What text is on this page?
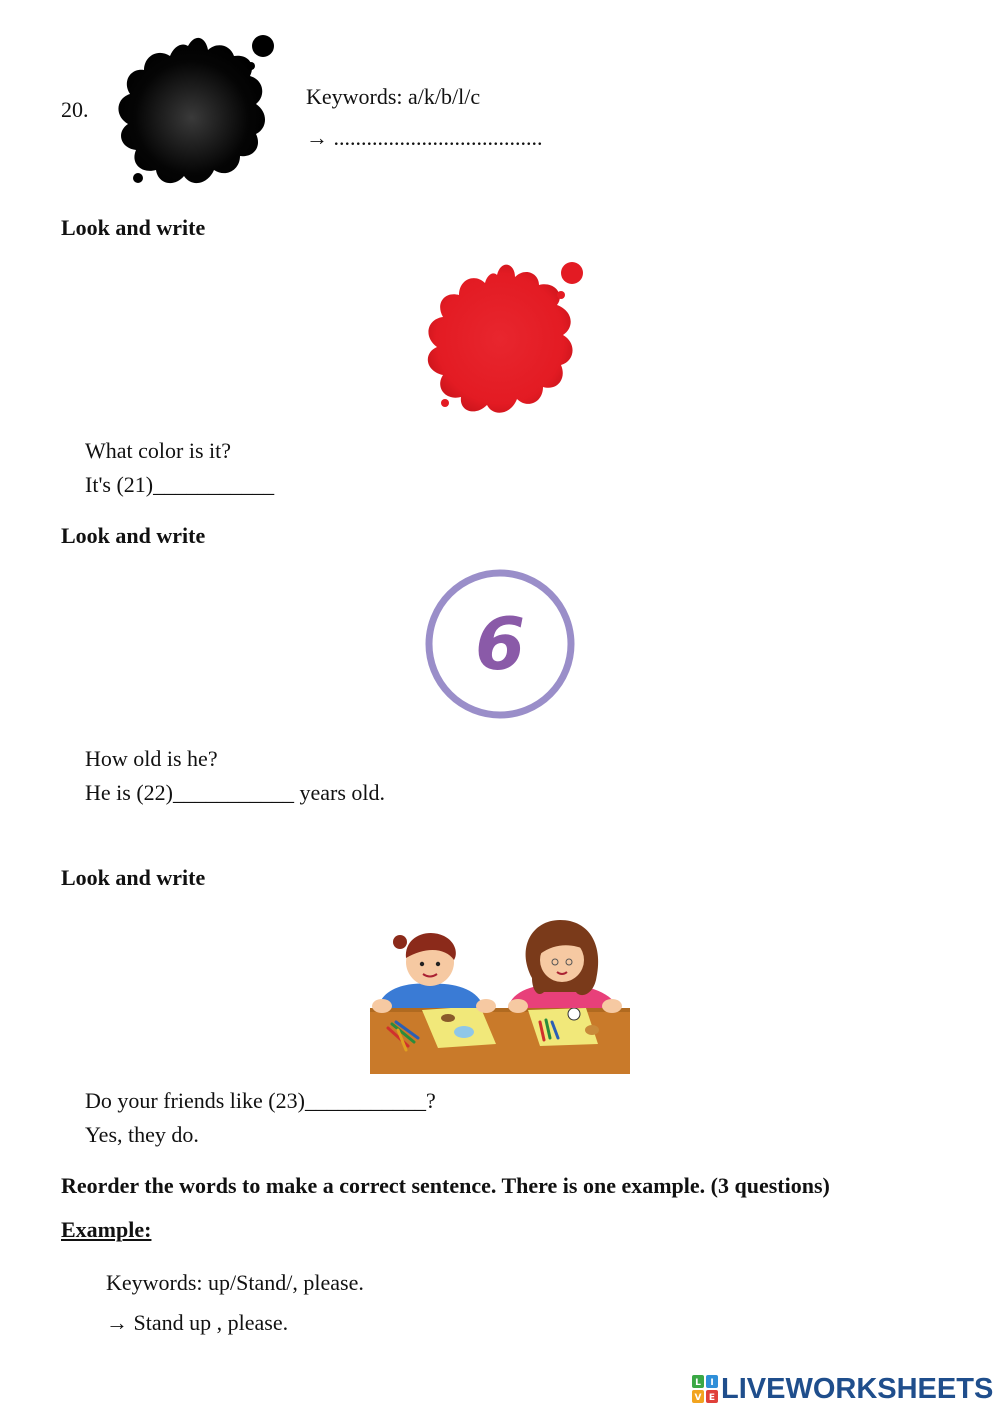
20.
Keywords: a/k/b/l/c
→ ......................................
Look and write
What color is it?
It's (21)___________
Look and write
6
How old is he?
He is (22)___________ years old.
Look and write
Do your friends like (23)___________?
Yes, they do.
Reorder the words to make a correct sentence. There is one example. (3 questions)
Example:
Keywords: up/Stand/, please.
→ Stand up , please.
L I
V E LIVEWORKSHEETS
